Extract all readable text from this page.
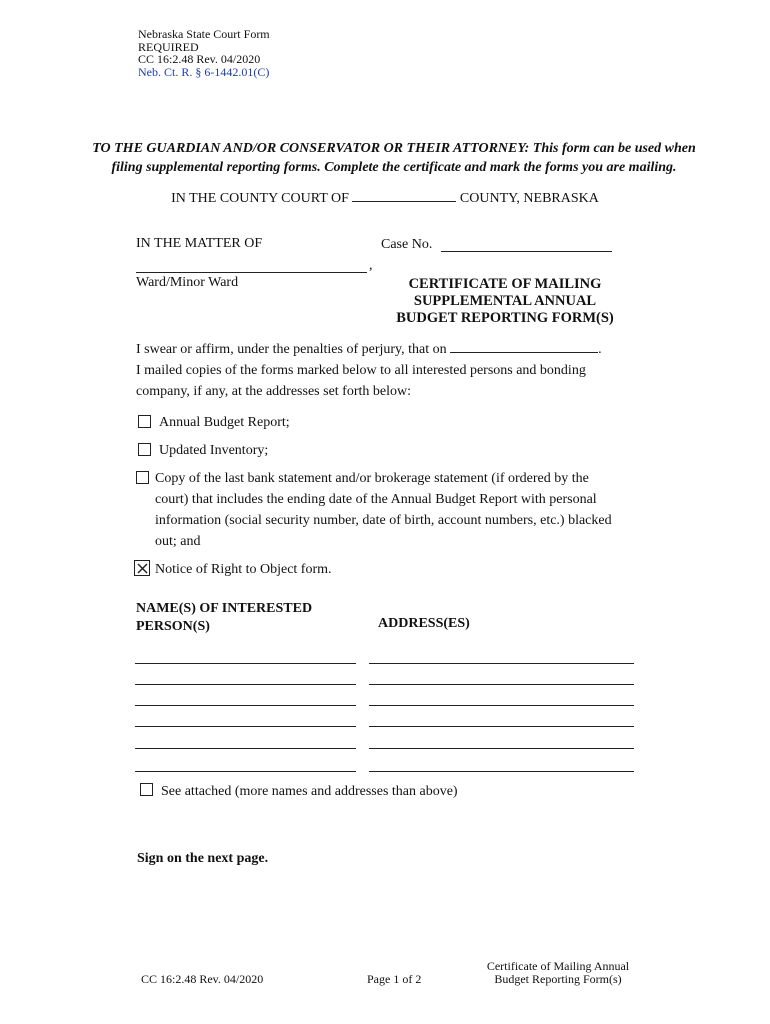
Nebraska State Court Form
REQUIRED
CC 16:2.48 Rev. 04/2020
Neb. Ct. R. § 6-1442.01(C)
TO THE GUARDIAN AND/OR CONSERVATOR OR THEIR ATTORNEY: This form can be used when
filing supplemental reporting forms. Complete the certificate and mark the forms you are mailing.
IN THE COUNTY COURT OF	COUNTY, NEBRASKA
IN THE MATTER OF
,
Ward/Minor Ward
Case No.
CERTIFICATE OF MAILING
SUPPLEMENTAL ANNUAL
BUDGET REPORTING FORM(S)
I swear or affirm, under the penalties of perjury, that on	.
I mailed copies of the forms marked below to all interested persons and bonding
company, if any, at the addresses set forth below:
Annual Budget Report;
Updated Inventory;
Copy of the last bank statement and/or brokerage statement (if ordered by the
court) that includes the ending date of the Annual Budget Report with personal
information (social security number, date of birth, account numbers, etc.) blacked
out; and
Notice of Right to Object form.
NAME(S) OF INTERESTED
PERSON(S)	ADDRESS(ES)
See attached (more names and addresses than above)
Sign on the next page.
CC 16:2.48 Rev. 04/2020	Page 1 of 2
Certificate of Mailing Annual
Budget Reporting Form(s)
